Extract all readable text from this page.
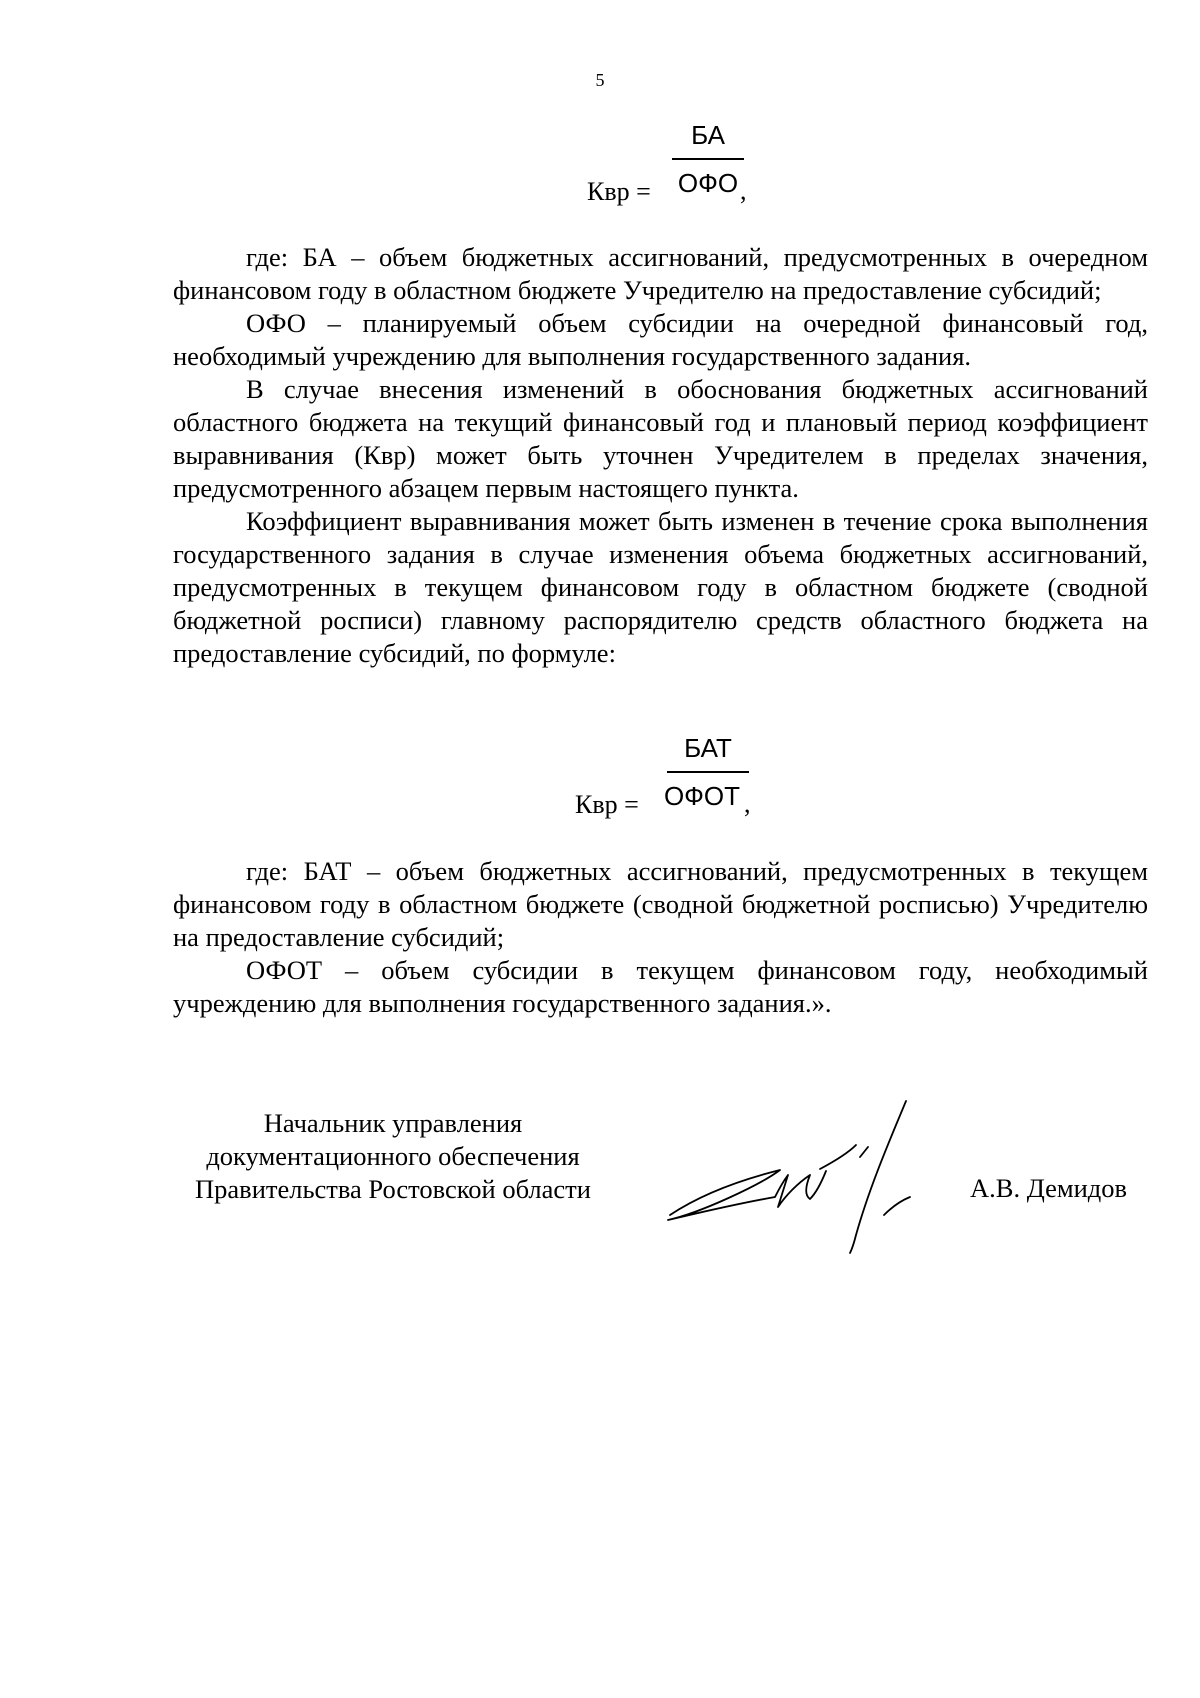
5
БА
Квр =	ОФО ,

где: БА – объем бюджетных ассигнований, предусмотренных в очередном финансовом году в областном бюджете Учредителю на предоставление субсидий;

ОФО – планируемый объем субсидии на очередной финансовый год, необходимый учреждению для выполнения государственного задания.

В случае внесения изменений в обоснования бюджетных ассигнований областного бюджета на текущий финансовый год и плановый период коэффициент выравнивания (Квр) может быть уточнен Учредителем в пределах значения, предусмотренного абзацем первым настоящего пункта.

Коэффициент выравнивания может быть изменен в течение срока выполнения государственного задания в случае изменения объема бюджетных ассигнований, предусмотренных в текущем финансовом году в областном бюджете (сводной бюджетной росписи) главному распорядителю средств областного бюджета на предоставление субсидий, по формуле:

БАТ
Квр = ОФОТ ,

где: БАТ – объем бюджетных ассигнований, предусмотренных в текущем финансовом году в областном бюджете (сводной бюджетной росписью) Учредителю на предоставление субсидий;

ОФОТ – объем субсидии в текущем финансовом году, необходимый учреждению для выполнения государственного задания.».

Начальник управления
документационного обеспечения
Правительства Ростовской области	А.В. Демидов
